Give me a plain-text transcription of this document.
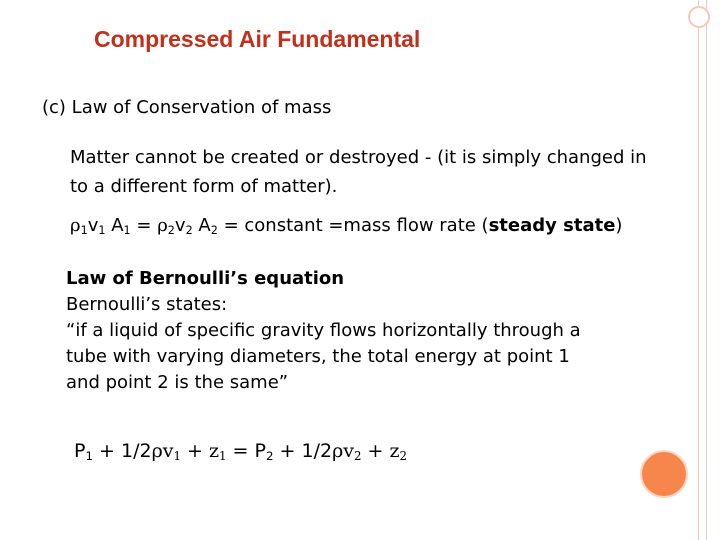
Compressed Air Fundamental
(c) Law of Conservation of mass
Matter cannot be created or destroyed - (it is simply changed in
to a different form of matter).
$\rho_1v_1$ $A_1 = \rho_2v_2$ $A_2$ = constant =mass flow rate (steady state)
Law of Bernoulli’s equation
Bernoulli’s states:
“if a liquid of specific gravity flows horizontally through a
tube with varying diameters, the total energy at point 1
and point 2 is the same”
$P_1 + 1/2\rho v_1 + z_1 = P_2 + 1/2\rho v_2 + z_2$
